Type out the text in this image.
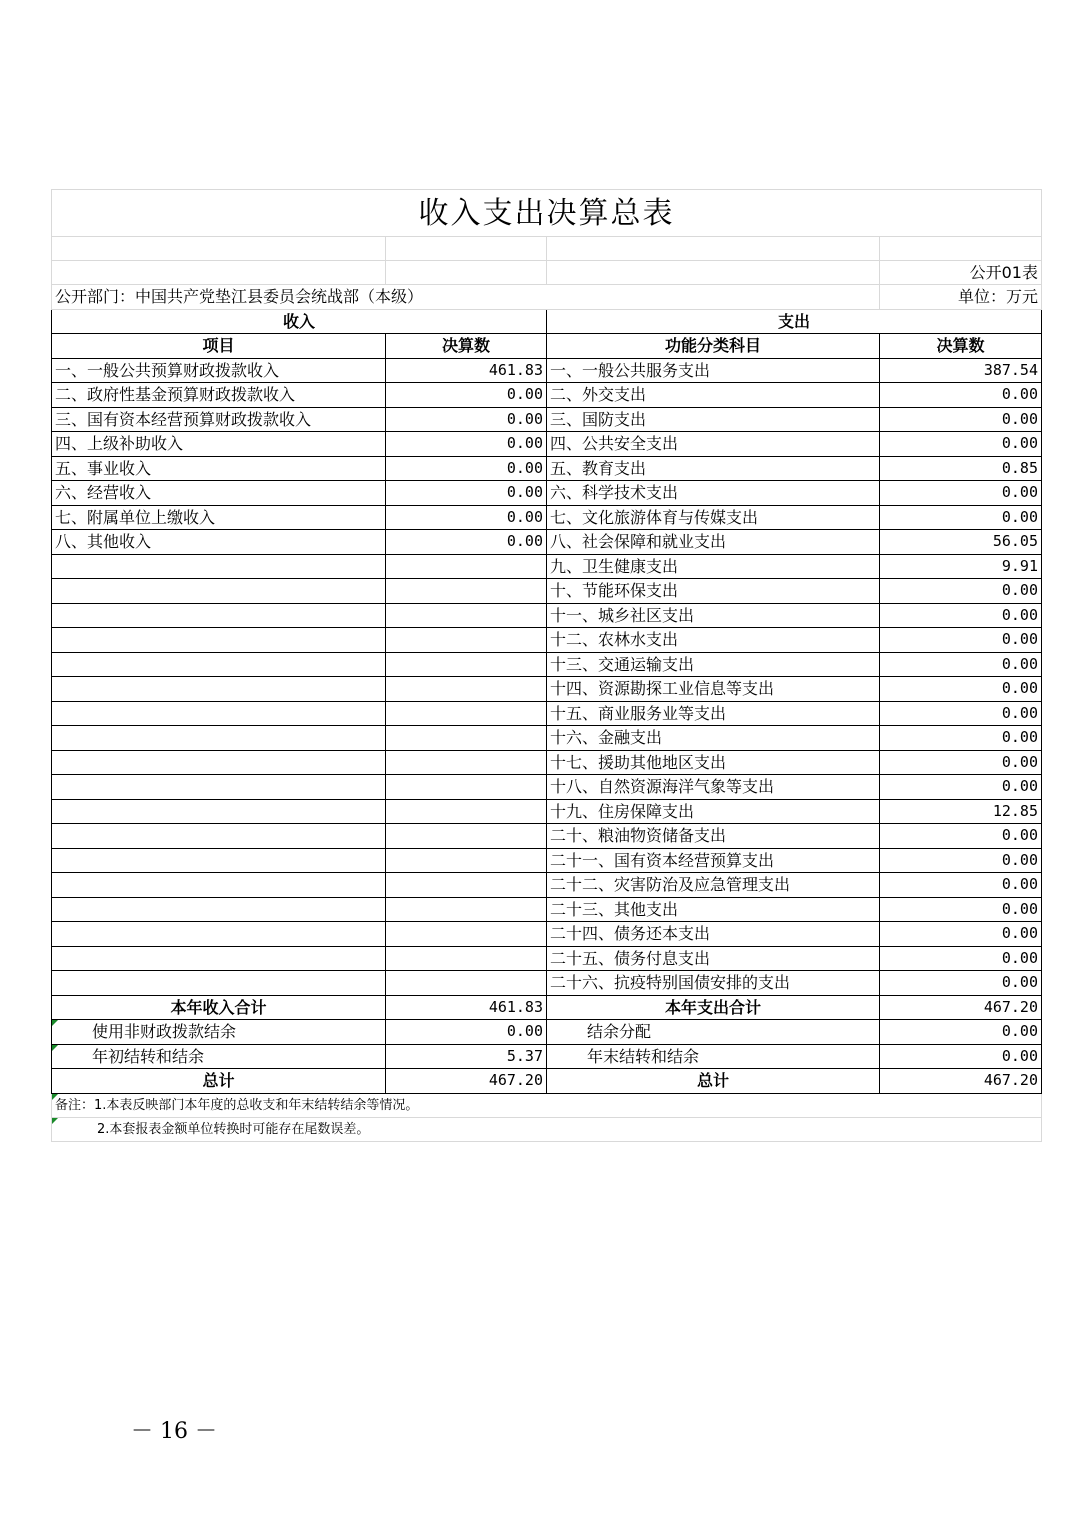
收入支出决算总表			

			公开01表
公开部门：中国共产党垫江县委员会统战部（本级）			单位：万元
收入		支出	
项目	决算数	功能分类科目	决算数
一、一般公共预算财政拨款收入	461.83	一、一般公共服务支出	387.54
二、政府性基金预算财政拨款收入	0.00	二、外交支出	0.00
三、国有资本经营预算财政拨款收入	0.00	三、国防支出	0.00
四、上级补助收入	0.00	四、公共安全支出	0.00
五、事业收入	0.00	五、教育支出	0.85
六、经营收入	0.00	六、科学技术支出	0.00
七、附属单位上缴收入	0.00	七、文化旅游体育与传媒支出	0.00
八、其他收入	0.00	八、社会保障和就业支出	56.05
		九、卫生健康支出	9.91
		十、节能环保支出	0.00
		十一、城乡社区支出	0.00
		十二、农林水支出	0.00
		十三、交通运输支出	0.00
		十四、资源勘探工业信息等支出	0.00
		十五、商业服务业等支出	0.00
		十六、金融支出	0.00
		十七、援助其他地区支出	0.00
		十八、自然资源海洋气象等支出	0.00
		十九、住房保障支出	12.85
		二十、粮油物资储备支出	0.00
		二十一、国有资本经营预算支出	0.00
		二十二、灾害防治及应急管理支出	0.00
		二十三、其他支出	0.00
		二十四、债务还本支出	0.00
		二十五、债务付息支出	0.00
		二十六、抗疫特别国债安排的支出	0.00
本年收入合计	461.83	本年支出合计	467.20
使用非财政拨款结余	0.00	结余分配	0.00
年初结转和结余	5.37	年末结转和结余	0.00
总计	467.20	总计	467.20
备注：1.本表反映部门本年度的总收支和年末结转结余等情况。			
2.本套报表金额单位转换时可能存在尾数误差。			
－ 16 －
